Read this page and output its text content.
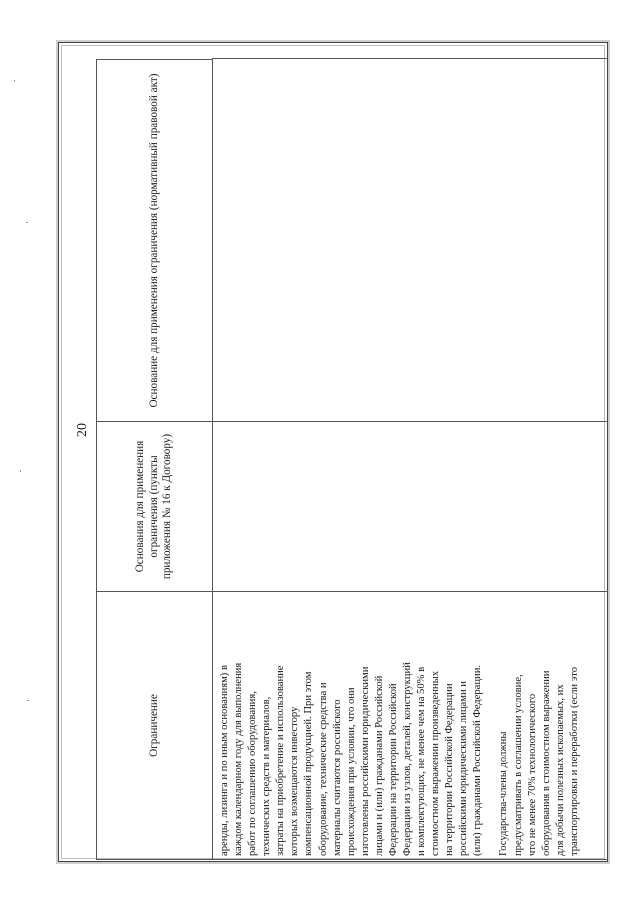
20
Ограничение
Основания для применения ограничения (пункты приложения № 16 к Договору)
Основание для применения ограничения (нормативный правовой акт)

аренды, лизинга и по иным основаниям) в
каждом календарном году для выполнения
работ по соглашению оборудования,
технических средств и материалов,
затраты на приобретение и использование
которых возмещаются инвестору
компенсационной продукцией. При этом
оборудование, технические средства и
материалы считаются российского
происхождения при условии, что они
изготовлены российскими юридическими
лицами и (или) гражданами Российской
Федерации на территории Российской
Федерации из узлов, деталей, конструкций
и комплектующих, не менее чем на 50% в
стоимостном выражении произведенных
на территории Российской Федерации
российскими юридическими лицами и
(или) гражданами Российской Федерации.

Государства-члены должны
предусматривать в соглашении условие,
что не менее 70% технологического
оборудования в стоимостном выражении
для добычи полезных ископаемых, их
транспортировки и переработки (если это
